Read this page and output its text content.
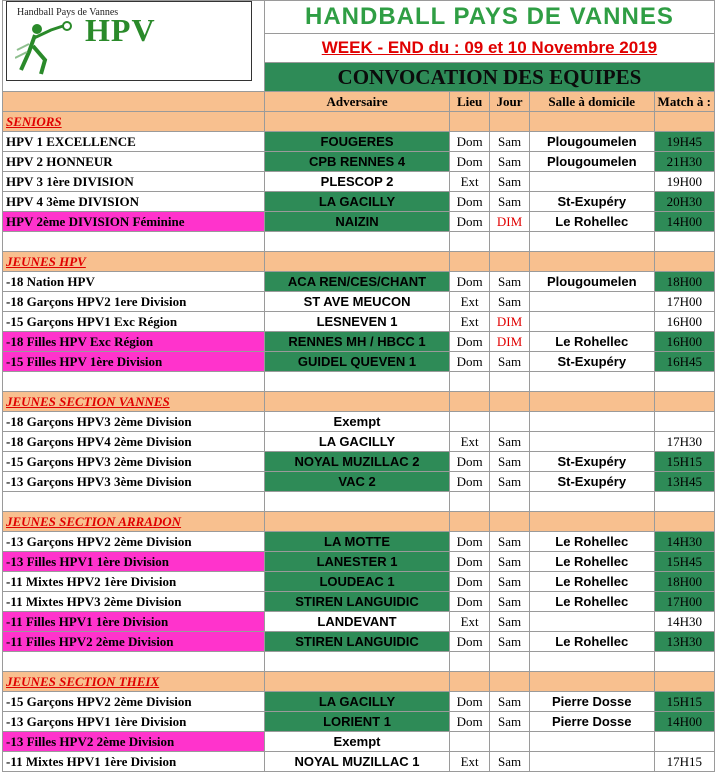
Handball Pays de Vannes
HPV	HANDBALL PAYS DE VANNES				
	WEEK - END du : 09 et 10 Novembre 2019				
	CONVOCATION DES EQUIPES				
	Adversaire	Lieu	Jour	Salle à domicile	Match à :
SENIORS					
HPV 1 EXCELLENCE	FOUGERES	Dom	Sam	Plougoumelen	19H45
HPV 2 HONNEUR	CPB RENNES 4	Dom	Sam	Plougoumelen	21H30
HPV 3 1ère DIVISION	PLESCOP 2	Ext	Sam		19H00
HPV 4 3ème DIVISION	LA GACILLY	Dom	Sam	St-Exupéry	20H30
HPV 2ème DIVISION Féminine	NAIZIN	Dom	DIM	Le Rohellec	14H00

JEUNES HPV					
-18 Nation HPV	ACA REN/CES/CHANT	Dom	Sam	Plougoumelen	18H00
-18 Garçons HPV2 1ere Division	ST AVE MEUCON	Ext	Sam		17H00
-15 Garçons HPV1 Exc Région	LESNEVEN 1	Ext	DIM		16H00
-18 Filles HPV Exc Région	RENNES MH / HBCC 1	Dom	DIM	Le Rohellec	16H00
-15 Filles HPV 1ère Division	GUIDEL QUEVEN 1	Dom	Sam	St-Exupéry	16H45

JEUNES SECTION VANNES					
-18 Garçons HPV3 2ème Division	Exempt				
-18 Garçons HPV4 2ème Division	LA GACILLY	Ext	Sam		17H30
-15 Garçons HPV3 2ème Division	NOYAL MUZILLAC 2	Dom	Sam	St-Exupéry	15H15
-13 Garçons HPV3 3ème Division	VAC 2	Dom	Sam	St-Exupéry	13H45

JEUNES SECTION ARRADON					
-13 Garçons HPV2 2ème Division	LA MOTTE	Dom	Sam	Le Rohellec	14H30
-13 Filles HPV1 1ère Division	LANESTER 1	Dom	Sam	Le Rohellec	15H45
-11 Mixtes HPV2 1ère Division	LOUDEAC 1	Dom	Sam	Le Rohellec	18H00
-11 Mixtes HPV3 2ème Division	STIREN LANGUIDIC	Dom	Sam	Le Rohellec	17H00
-11 Filles HPV1 1ère Division	LANDEVANT	Ext	Sam		14H30
-11 Filles HPV2 2ème Division	STIREN LANGUIDIC	Dom	Sam	Le Rohellec	13H30

JEUNES SECTION THEIX					
-15 Garçons HPV2 2ème Division	LA GACILLY	Dom	Sam	Pierre Dosse	15H15
-13 Garçons HPV1 1ère Division	LORIENT 1	Dom	Sam	Pierre Dosse	14H00
-13 Filles HPV2 2ème Division	Exempt				
-11 Mixtes HPV1 1ère Division	NOYAL MUZILLAC 1	Ext	Sam		17H15
